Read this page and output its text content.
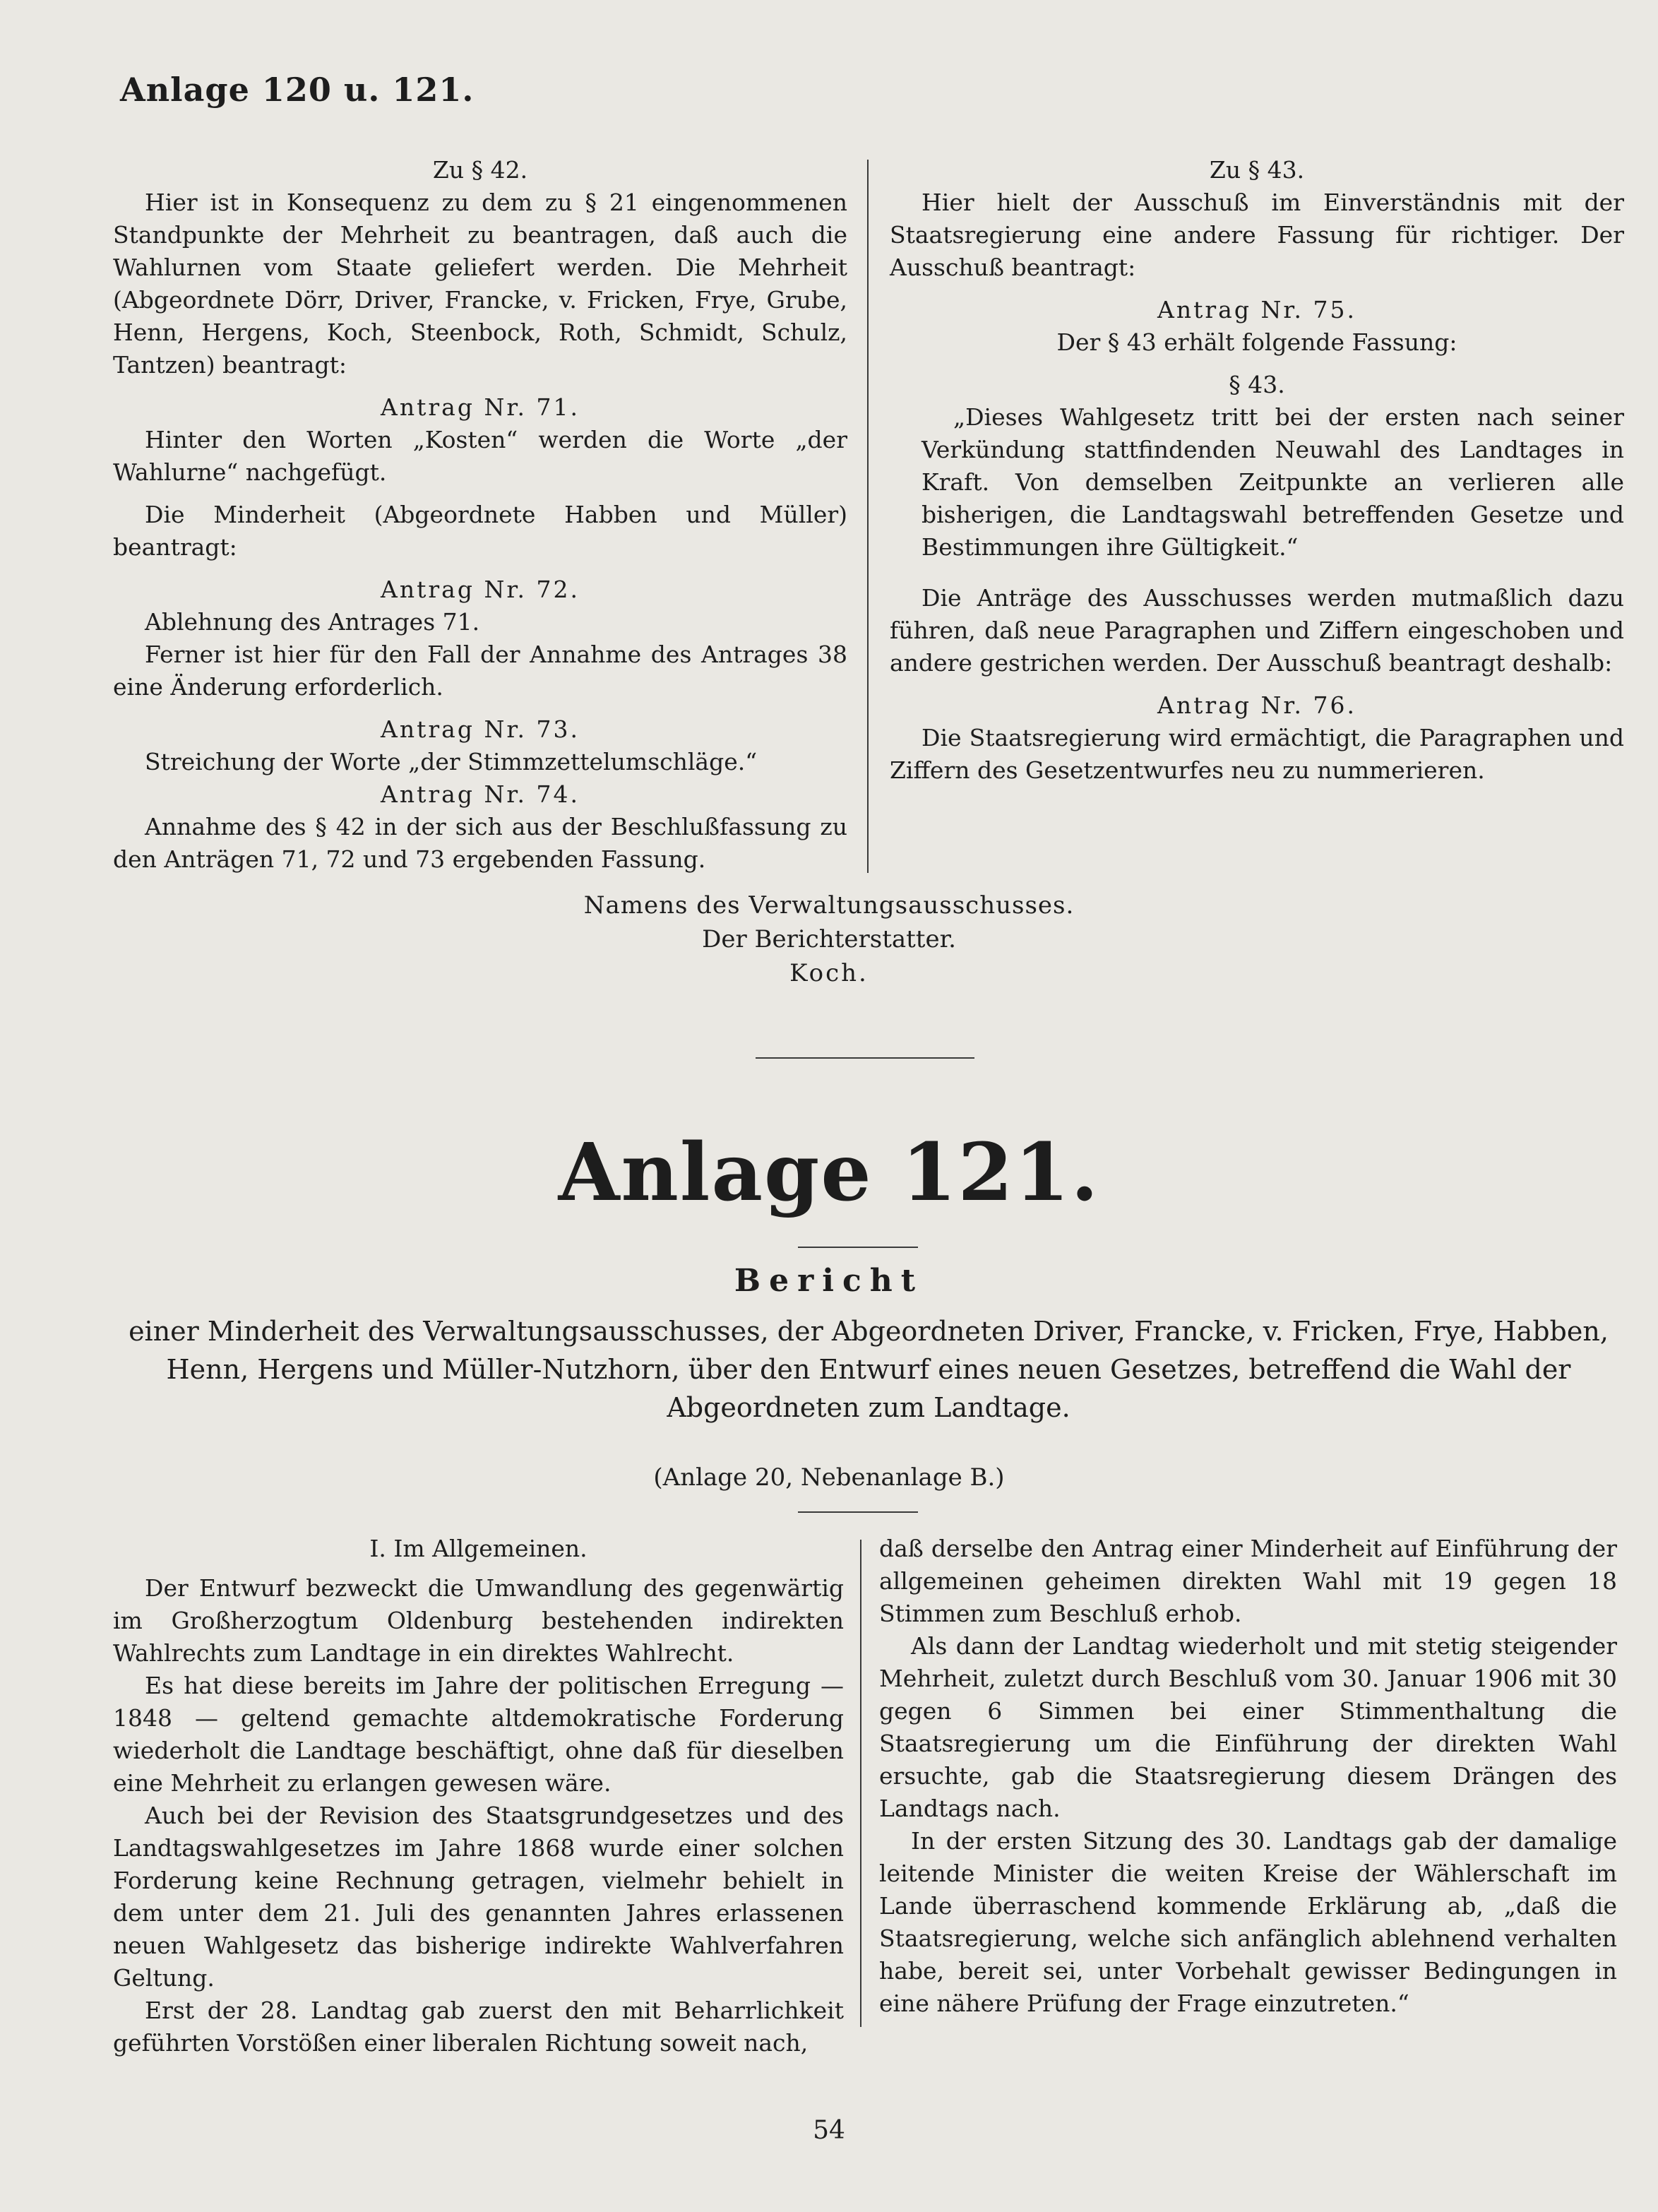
Anlage 120 u. 121.

Zu § 42.

Hier ist in Konsequenz zu dem zu § 21 eingenommenen Standpunkte der Mehrheit zu beantragen, daß auch die Wahlurnen vom Staate geliefert werden. Die Mehrheit (Abgeordnete Dörr, Driver, Francke, v. Fricken, Frye, Grube, Henn, Hergens, Koch, Steenbock, Roth, Schmidt, Schulz, Tantzen) beantragt:

Antrag Nr. 71.

Hinter den Worten „Kosten“ werden die Worte „der Wahlurne“ nachgefügt.

Die Minderheit (Abgeordnete Habben und Müller) beantragt:

Antrag Nr. 72.

Ablehnung des Antrages 71.

Ferner ist hier für den Fall der Annahme des Antrages 38 eine Änderung erforderlich.

Antrag Nr. 73.

Streichung der Worte „der Stimmzettelumschläge.“

Antrag Nr. 74.

Annahme des § 42 in der sich aus der Beschlußfassung zu den Anträgen 71, 72 und 73 ergebenden Fassung.

Zu § 43.

Hier hielt der Ausschuß im Einverständnis mit der Staatsregierung eine andere Fassung für richtiger. Der Ausschuß beantragt:

Antrag Nr. 75.

Der § 43 erhält folgende Fassung:

§ 43.

„Dieses Wahlgesetz tritt bei der ersten nach seiner Verkündung stattfindenden Neuwahl des Landtages in Kraft. Von demselben Zeitpunkte an verlieren alle bisherigen, die Landtagswahl betreffenden Gesetze und Bestimmungen ihre Gültigkeit.“

Die Anträge des Ausschusses werden mutmaßlich dazu führen, daß neue Paragraphen und Ziffern eingeschoben und andere gestrichen werden. Der Ausschuß beantragt deshalb:

Antrag Nr. 76.

Die Staatsregierung wird ermächtigt, die Paragraphen und Ziffern des Gesetzentwurfes neu zu nummerieren.

Namens des Verwaltungsausschusses.
Der Berichterstatter.
Koch.
Anlage 121.
Bericht
einer Minderheit des Verwaltungsausschusses, der Abgeordneten Driver, Francke, v. Fricken, Frye, Habben, Henn, Hergens und Müller-Nutzhorn, über den Entwurf eines neuen Gesetzes, betreffend die Wahl der Abgeordneten zum Landtage.
(Anlage 20, Nebenanlage B.)

I. Im Allgemeinen.

Der Entwurf bezweckt die Umwandlung des gegenwärtig im Großherzogtum Oldenburg bestehenden indirekten Wahlrechts zum Landtage in ein direktes Wahlrecht.

Es hat diese bereits im Jahre der politischen Erregung — 1848 — geltend gemachte altdemokratische Forderung wiederholt die Landtage beschäftigt, ohne daß für dieselben eine Mehrheit zu erlangen gewesen wäre.

Auch bei der Revision des Staatsgrundgesetzes und des Landtagswahlgesetzes im Jahre 1868 wurde einer solchen Forderung keine Rechnung getragen, vielmehr behielt in dem unter dem 21. Juli des genannten Jahres erlassenen neuen Wahlgesetz das bisherige indirekte Wahlverfahren Geltung.

Erst der 28. Landtag gab zuerst den mit Beharrlichkeit geführten Vorstößen einer liberalen Richtung soweit nach,

daß derselbe den Antrag einer Minderheit auf Einführung der allgemeinen geheimen direkten Wahl mit 19 gegen 18 Stimmen zum Beschluß erhob.

Als dann der Landtag wiederholt und mit stetig steigender Mehrheit, zuletzt durch Beschluß vom 30. Januar 1906 mit 30 gegen 6 Simmen bei einer Stimmenthaltung die Staatsregierung um die Einführung der direkten Wahl ersuchte, gab die Staatsregierung diesem Drängen des Landtags nach.

In der ersten Sitzung des 30. Landtags gab der damalige leitende Minister die weiten Kreise der Wählerschaft im Lande überraschend kommende Erklärung ab, „daß die Staatsregierung, welche sich anfänglich ablehnend verhalten habe, bereit sei, unter Vorbehalt gewisser Bedingungen in eine nähere Prüfung der Frage einzutreten.“

54
